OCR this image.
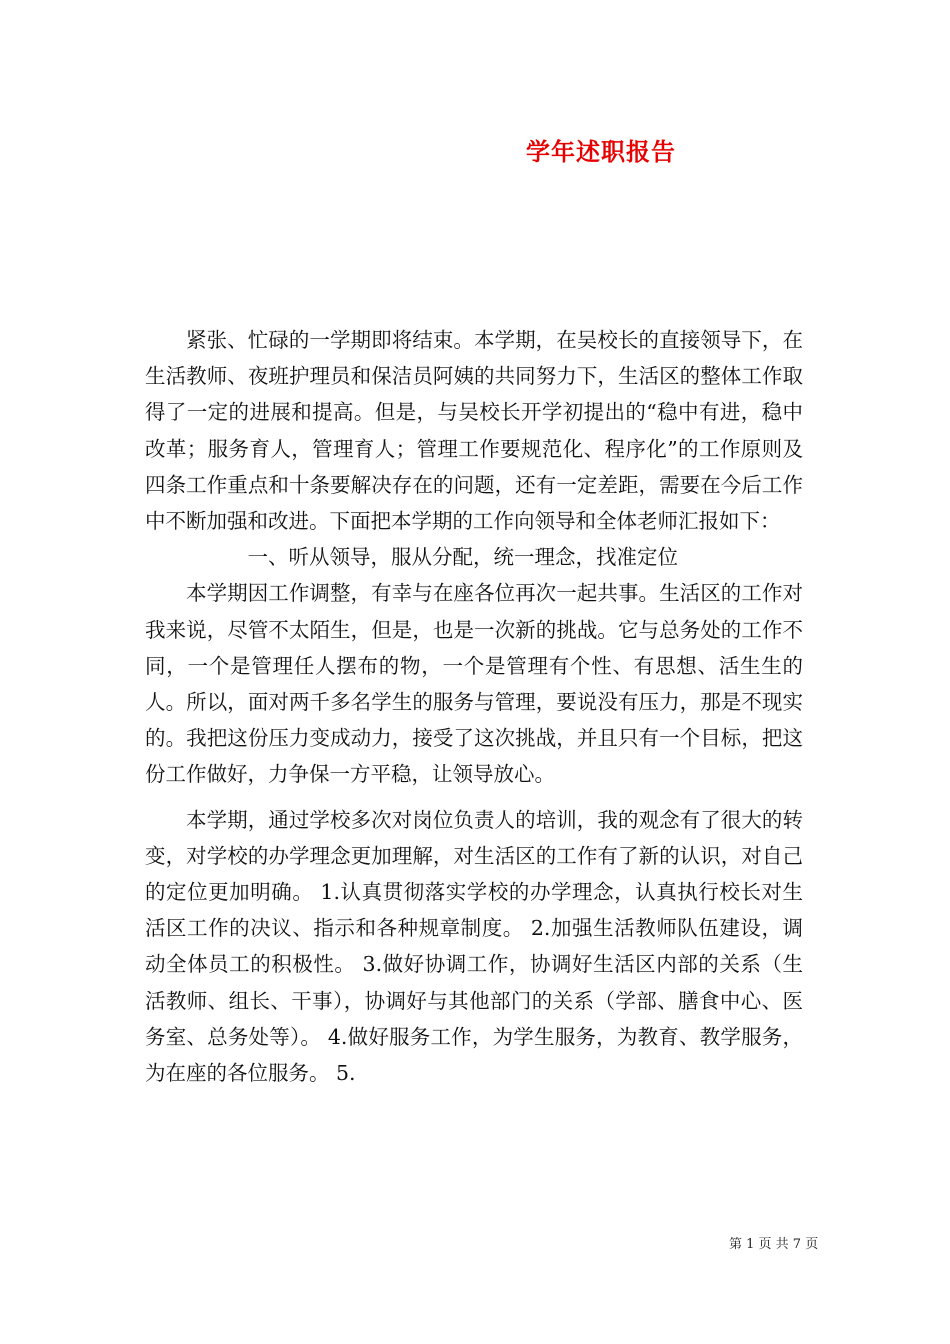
学年述职报告

紧张、忙碌的一学期即将结束。本学期，在吴校长的直接领导下，在生活教师、夜班护理员和保洁员阿姨的共同努力下，生活区的整体工作取得了一定的进展和提高。但是，与吴校长开学初提出的“稳中有进，稳中改革；服务育人，管理育人；管理工作要规范化、程序化”的工作原则及四条工作重点和十条要解决存在的问题，还有一定差距，需要在今后工作中不断加强和改进。下面把本学期的工作向领导和全体老师汇报如下：

一、听从领导，服从分配，统一理念，找准定位

本学期因工作调整，有幸与在座各位再次一起共事。生活区的工作对我来说，尽管不太陌生，但是，也是一次新的挑战。它与总务处的工作不同，一个是管理任人摆布的物，一个是管理有个性、有思想、活生生的人。所以，面对两千多名学生的服务与管理，要说没有压力，那是不现实的。我把这份压力变成动力，接受了这次挑战，并且只有一个目标，把这份工作做好，力争保一方平稳，让领导放心。

本学期，通过学校多次对岗位负责人的培训，我的观念有了很大的转变，对学校的办学理念更加理解，对生活区的工作有了新的认识，对自己的定位更加明确。 1.认真贯彻落实学校的办学理念，认真执行校长对生活区工作的决议、指示和各种规章制度。 2.加强生活教师队伍建设，调动全体员工的积极性。 3.做好协调工作，协调好生活区内部的关系（生活教师、组长、干事），协调好与其他部门的关系（学部、膳食中心、医务室、总务处等）。 4.做好服务工作，为学生服务，为教育、教学服务，为在座的各位服务。 5.

第 1 页 共 7 页
